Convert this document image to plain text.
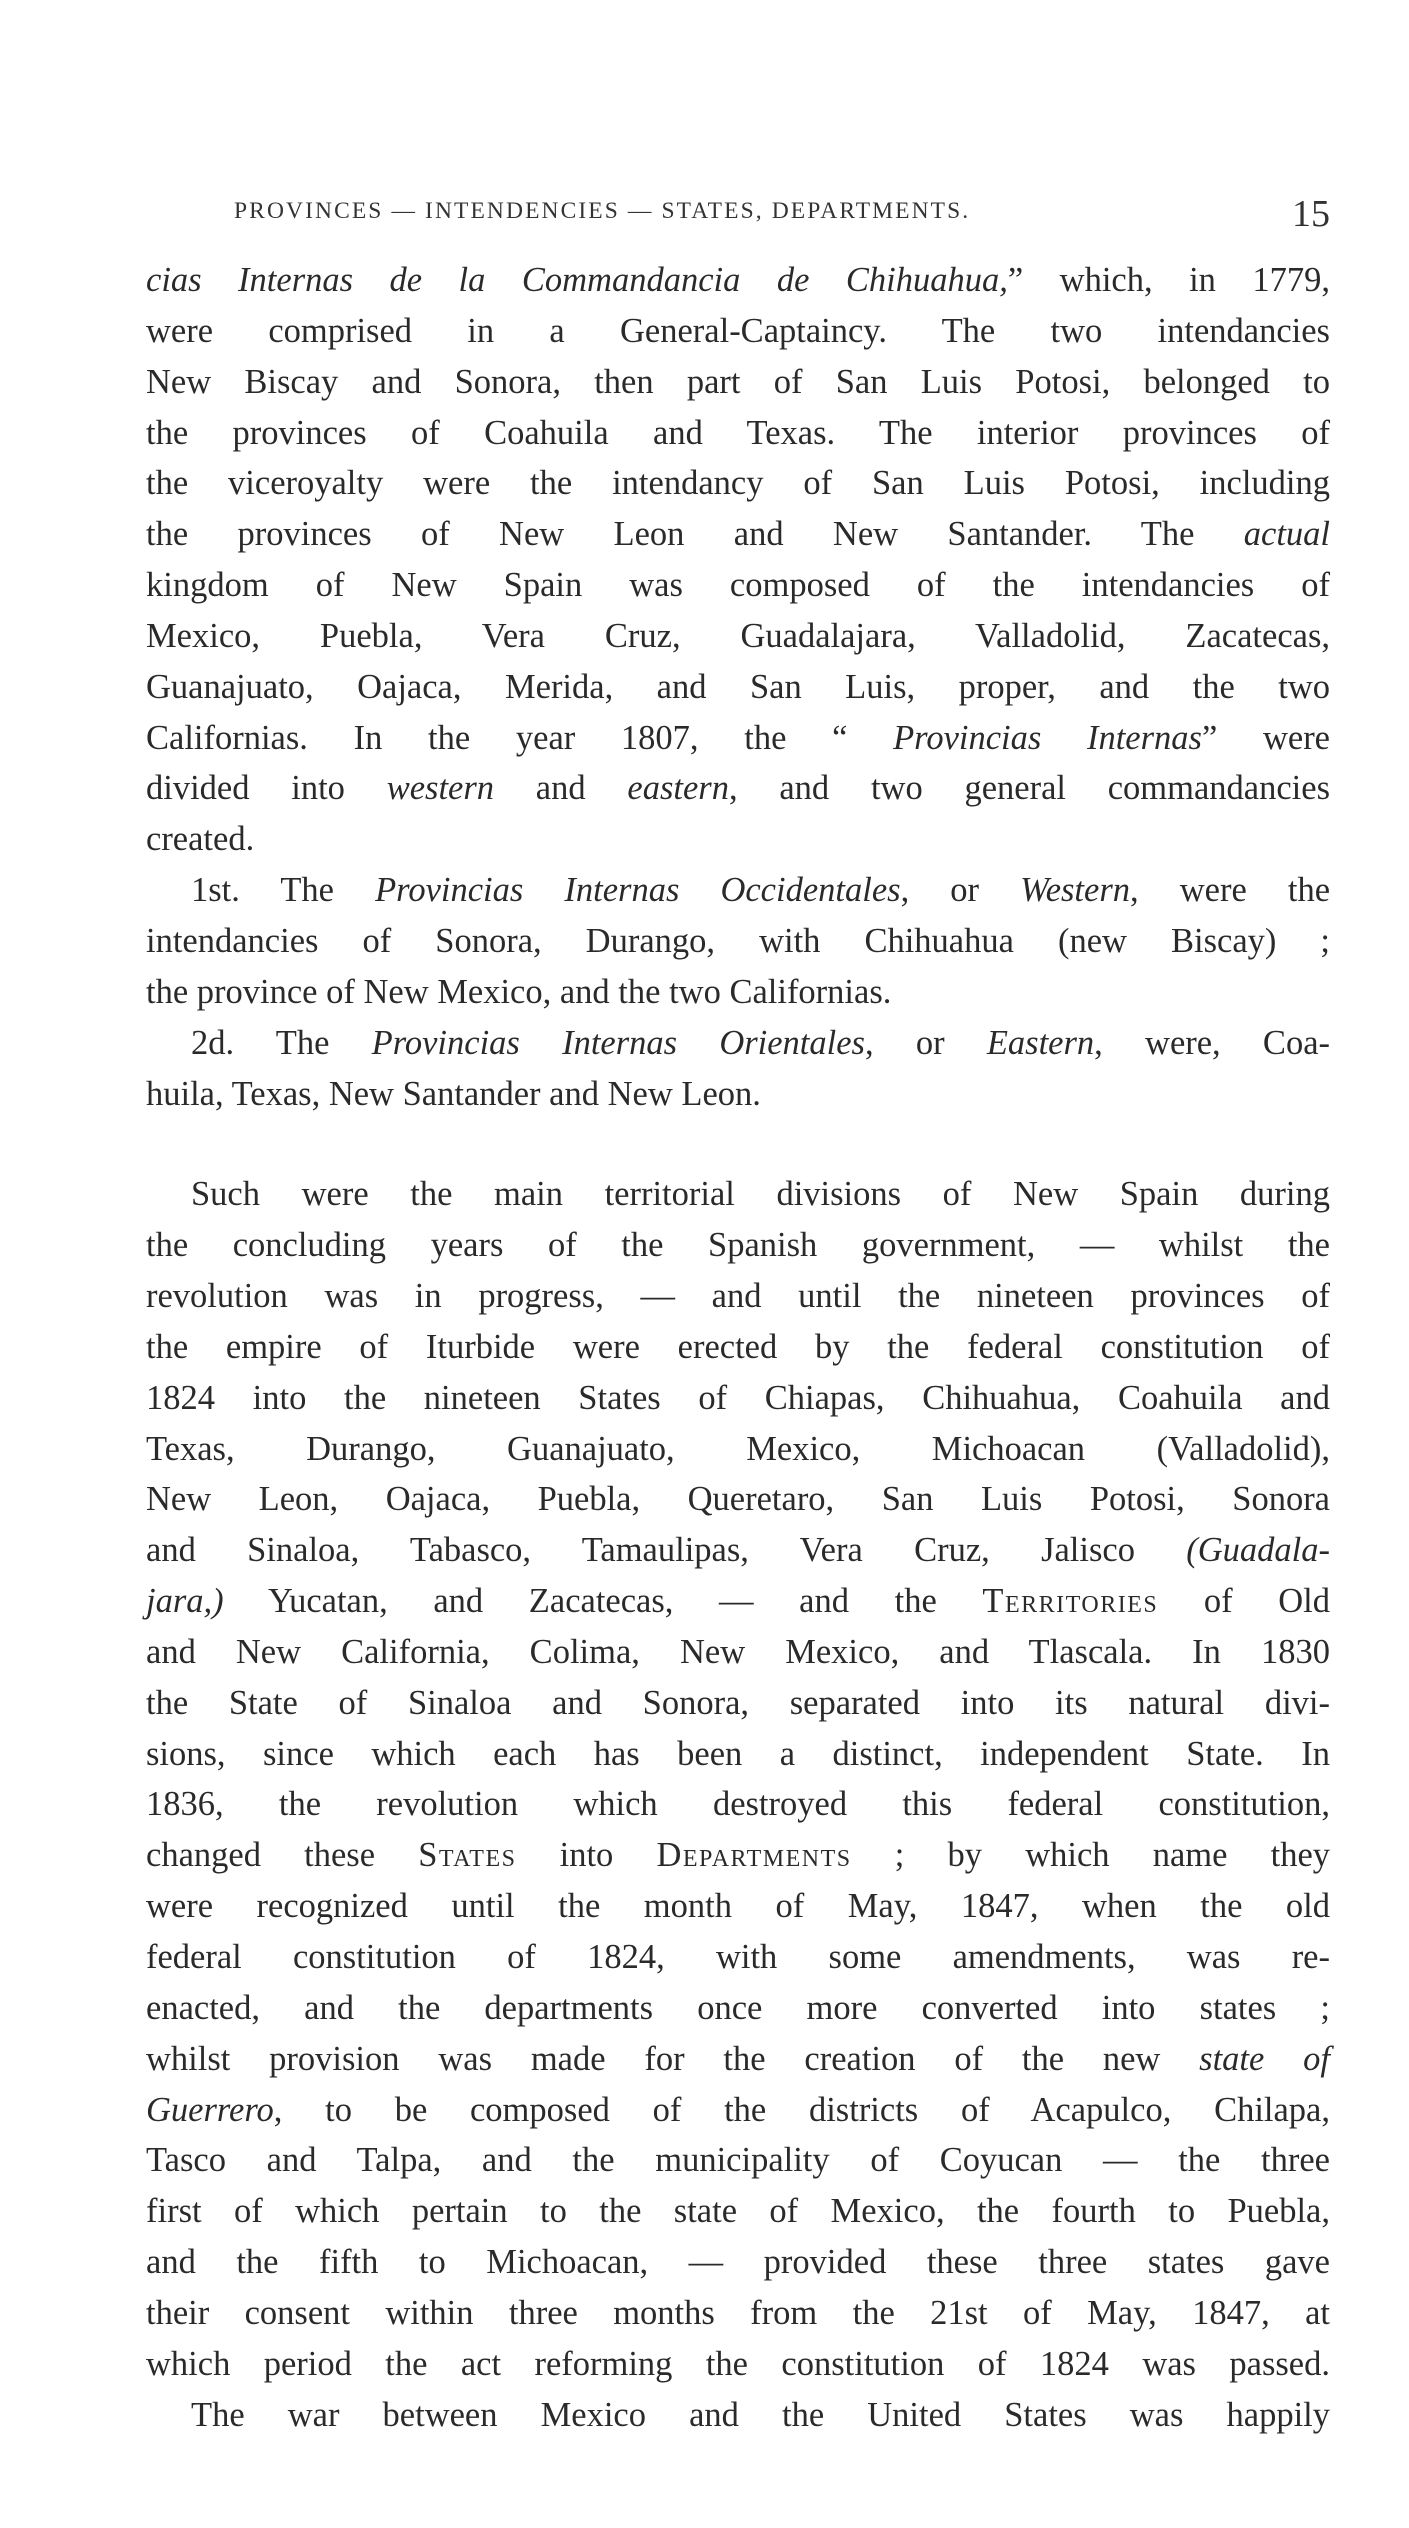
PROVINCES — INTENDENCIES — STATES, DEPARTMENTS.	15
cias Internas de la Commandancia de Chihuahua,” which, in 1779,
were comprised in a General-Captaincy. The two intendancies
New Biscay and Sonora, then part of San Luis Potosi, belonged to
the provinces of Coahuila and Texas. The interior provinces of
the viceroyalty were the intendancy of San Luis Potosi, including
the provinces of New Leon and New Santander. The actual
kingdom of New Spain was composed of the intendancies of
Mexico, Puebla, Vera Cruz, Guadalajara, Valladolid, Zacatecas,
Guanajuato, Oajaca, Merida, and San Luis, proper, and the two
Californias. In the year 1807, the “ Provincias Internas” were
divided into western and eastern, and two general commandancies
created.
1st. The Provincias Internas Occidentales, or Western, were the
intendancies of Sonora, Durango, with Chihuahua (new Biscay) ;
the province of New Mexico, and the two Californias.
2d. The Provincias Internas Orientales, or Eastern, were, Coa-
huila, Texas, New Santander and New Leon.
Such were the main territorial divisions of New Spain during
the concluding years of the Spanish government, — whilst the
revolution was in progress, — and until the nineteen provinces of
the empire of Iturbide were erected by the federal constitution of
1824 into the nineteen States of Chiapas, Chihuahua, Coahuila and
Texas, Durango, Guanajuato, Mexico, Michoacan (Valladolid),
New Leon, Oajaca, Puebla, Queretaro, San Luis Potosi, Sonora
and Sinaloa, Tabasco, Tamaulipas, Vera Cruz, Jalisco (Guadala-
jara,) Yucatan, and Zacatecas, — and the Territories of Old
and New California, Colima, New Mexico, and Tlascala. In 1830
the State of Sinaloa and Sonora, separated into its natural divi-
sions, since which each has been a distinct, independent State. In
1836, the revolution which destroyed this federal constitution,
changed these States into Departments ; by which name they
were recognized until the month of May, 1847, when the old
federal constitution of 1824, with some amendments, was re-
enacted, and the departments once more converted into states ;
whilst provision was made for the creation of the new state of
Guerrero, to be composed of the districts of Acapulco, Chilapa,
Tasco and Talpa, and the municipality of Coyucan — the three
first of which pertain to the state of Mexico, the fourth to Puebla,
and the fifth to Michoacan, — provided these three states gave
their consent within three months from the 21st of May, 1847, at
which period the act reforming the constitution of 1824 was passed.
The war between Mexico and the United States was happily
